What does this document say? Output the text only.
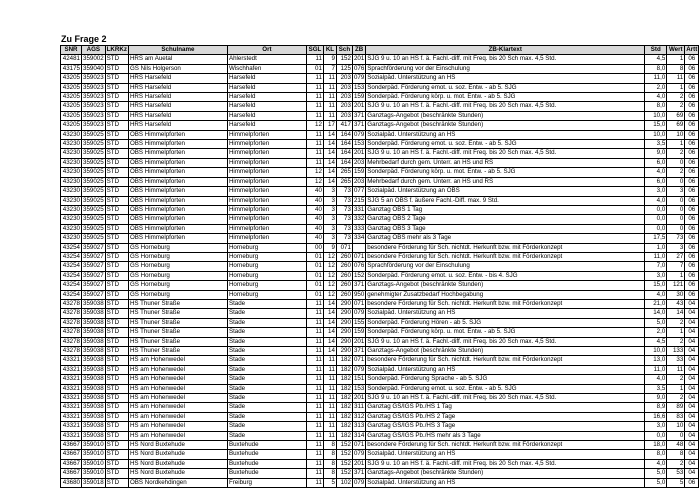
Zu Frage 2
SNR	AGS	LKRKz	Schulname	Ort	SGL	KL	Sch	ZB	ZB-Klartext	Std	Wert	Artt
42481	359002	STD	HRS am Auetal	Ahlerstedt	11	9	152	201	SJG 9 u. 10 an HS f. ä. Fachl.-diff. mit Freq. bis 20 Sch max. 4,5 Std.	4,5	1	06
43175	359040	STD	GS Nils Holgerson	Wischhafen	01	7	125	076	Sprachförderung vor der Einschulung	8,0	8	06
43205	359023	STD	HRS Harsefeld	Harsefeld	11	11	203	079	Sozialpäd. Unterstützung an HS	11,0	11	06
43205	359023	STD	HRS Harsefeld	Harsefeld	11	11	203	153	Sonderpäd. Förderung emot. u. soz. Entw. - ab 5. SJG	2,0	1	06
43205	359023	STD	HRS Harsefeld	Harsefeld	11	11	203	159	Sonderpäd. Förderung körp. u. mot. Entw. - ab 5. SJG	4,0	2	06
43205	359023	STD	HRS Harsefeld	Harsefeld	11	11	203	201	SJG 9 u. 10 an HS f. ä. Fachl.-diff. mit Freq. bis 20 Sch max. 4,5 Std.	8,0	2	06
43205	359023	STD	HRS Harsefeld	Harsefeld	11	11	203	371	Ganztags-Angebot (beschränkte Stunden)	10,0	69	06
43205	359023	STD	HRS Harsefeld	Harsefeld	12	17	417	371	Ganztags-Angebot (beschränkte Stunden)	15,0	69	06
43230	359025	STD	OBS Himmelpforten	Himmelpforten	11	14	164	079	Sozialpäd. Unterstützung an HS	10,0	10	06
43230	359025	STD	OBS Himmelpforten	Himmelpforten	11	14	164	153	Sonderpäd. Förderung emot. u. soz. Entw. - ab 5. SJG	3,5	1	06
43230	359025	STD	OBS Himmelpforten	Himmelpforten	11	14	164	201	SJG 9 u. 10 an HS f. ä. Fachl.-diff. mit Freq. bis 20 Sch max. 4,5 Std.	9,0	2	06
43230	359025	STD	OBS Himmelpforten	Himmelpforten	11	14	164	203	Mehrbedarf durch gem. Unterr. an HS und RS	6,0	0	06
43230	359025	STD	OBS Himmelpforten	Himmelpforten	12	14	265	159	Sonderpäd. Förderung körp. u. mot. Entw. - ab 5. SJG	4,0	2	06
43230	359025	STD	OBS Himmelpforten	Himmelpforten	12	14	265	203	Mehrbedarf durch gem. Unterr. an HS und RS	6,0	0	06
43230	359025	STD	OBS Himmelpforten	Himmelpforten	40	3	73	077	Sozialpäd. Unterstützung an OBS	3,0	3	06
43230	359025	STD	OBS Himmelpforten	Himmelpforten	40	3	73	215	SJG 5 an OBS f. äußere Fachl.-Diff. max. 9 Std.	4,0	0	06
43230	359025	STD	OBS Himmelpforten	Himmelpforten	40	3	73	331	Ganztag OBS 1 Tag	0,0	0	06
43230	359025	STD	OBS Himmelpforten	Himmelpforten	40	3	73	332	Ganztag OBS 2 Tage	0,0	0	06
43230	359025	STD	OBS Himmelpforten	Himmelpforten	40	3	73	333	Ganztag OBS 3 Tage	0,0	0	06
43230	359025	STD	OBS Himmelpforten	Himmelpforten	40	3	73	334	Ganztag OBS mehr als 3 Tage	17,5	73	06
43254	359027	STD	GS Horneburg	Horneburg	00	9	071		besondere Förderung für Sch. nichtdt. Herkunft bzw. mit Förderkonzept	1,0	3	06
43254	359027	STD	GS Horneburg	Horneburg	01	12	260	071	besondere Förderung für Sch. nichtdt. Herkunft bzw. mit Förderkonzept	11,0	27	06
43254	359027	STD	GS Horneburg	Horneburg	01	12	260	076	Sprachförderung vor der Einschulung	7,0	7	06
43254	359027	STD	GS Horneburg	Horneburg	01	12	260	152	Sonderpäd. Förderung emot. u. soz. Entw. - bis 4. SJG	3,0	1	06
43254	359027	STD	GS Horneburg	Horneburg	01	12	260	371	Ganztags-Angebot (beschränkte Stunden)	15,0	121	06
43254	359027	STD	GS Horneburg	Horneburg	01	12	260	950	genehmigter Zusatzbedarf Hochbegabung	4,0	30	06
43278	359038	STD	HS Thuner Straße	Stade	11	14	290	071	besondere Förderung für Sch. nichtdt. Herkunft bzw. mit Förderkonzept	21,0	43	04
43278	359038	STD	HS Thuner Straße	Stade	11	14	290	079	Sozialpäd. Unterstützung an HS	14,0	14	04
43278	359038	STD	HS Thuner Straße	Stade	11	14	290	155	Sonderpäd. Förderung Hören - ab 5. SJG	5,0	2	04
43278	359038	STD	HS Thuner Straße	Stade	11	14	290	159	Sonderpäd. Förderung körp. u. mot. Entw. - ab 5. SJG	2,0	1	04
43278	359038	STD	HS Thuner Straße	Stade	11	14	290	201	SJG 9 u. 10 an HS f. ä. Fachl.-diff. mit Freq. bis 20 Sch max. 4,5 Std.	4,5	2	04
43278	359038	STD	HS Thuner Straße	Stade	11	14	290	371	Ganztags-Angebot (beschränkte Stunden)	10,0	133	04
43321	359038	STD	HS am Hohenwedel	Stade	11	11	182	071	besondere Förderung für Sch. nichtdt. Herkunft bzw. mit Förderkonzept	13,0	33	04
43321	359038	STD	HS am Hohenwedel	Stade	11	11	182	079	Sozialpäd. Unterstützung an HS	11,0	11	04
43321	359038	STD	HS am Hohenwedel	Stade	11	11	182	151	Sonderpäd. Förderung Sprache - ab 5. SJG	4,0	2	04
43321	359038	STD	HS am Hohenwedel	Stade	11	11	182	153	Sonderpäd. Förderung emot. u. soz. Entw. - ab 5. SJG	3,5	1	04
43321	359038	STD	HS am Hohenwedel	Stade	11	11	182	201	SJG 9 u. 10 an HS f. ä. Fachl.-diff. mit Freq. bis 20 Sch max. 4,5 Std.	9,0	2	04
43321	359038	STD	HS am Hohenwedel	Stade	11	11	182	311	Ganztag GS/IGS Pb./HS 1 Tag	8,9	89	04
43321	359038	STD	HS am Hohenwedel	Stade	11	11	182	312	Ganztag GS/IGS Pb./HS 2 Tage	16,6	83	04
43321	359038	STD	HS am Hohenwedel	Stade	11	11	182	313	Ganztag GS/IGS Pb./HS 3 Tage	3,0	10	04
43321	359038	STD	HS am Hohenwedel	Stade	11	11	182	314	Ganztag GS/IGS Pb./HS mehr als 3 Tage	0,0	0	04
43667	359010	STD	HS Nord Buxtehude	Buxtehude	11	8	152	071	besondere Förderung für Sch. nichtdt. Herkunft bzw. mit Förderkonzept	18,0	48	04
43667	359010	STD	HS Nord Buxtehude	Buxtehude	11	8	152	079	Sozialpäd. Unterstützung an HS	8,0	8	04
43667	359010	STD	HS Nord Buxtehude	Buxtehude	11	8	152	201	SJG 9 u. 10 an HS f. ä. Fachl.-diff. mit Freq. bis 20 Sch max. 4,5 Std.	4,0	2	04
43667	359010	STD	HS Nord Buxtehude	Buxtehude	11	8	152	371	Ganztags-Angebot (beschränkte Stunden)	5,0	53	04
43680	359018	STD	OBS Nordkehdingen	Freiburg	11	5	102	079	Sozialpäd. Unterstützung an HS	5,0	5	06
